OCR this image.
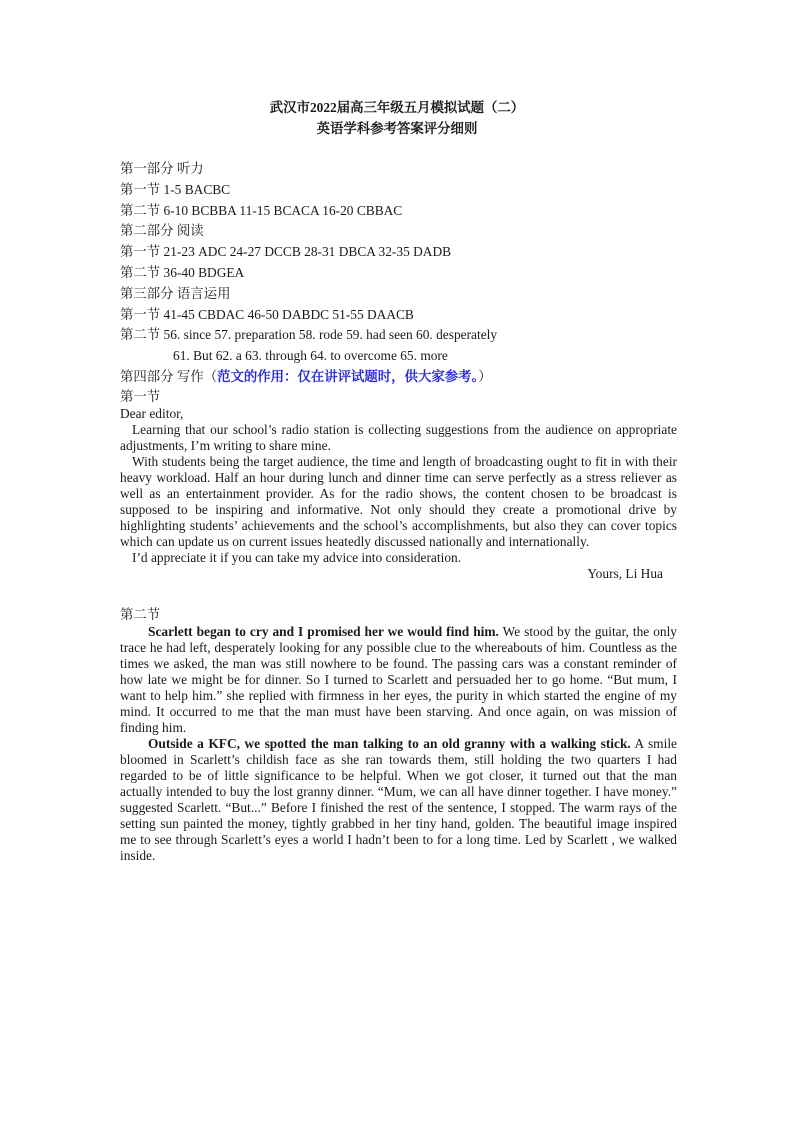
武汉市2022届高三年级五月模拟试题（二）
英语学科参考答案评分细则
第一部分 听力
第一节 1-5 BACBC
第二节 6-10 BCBBA 11-15 BCACA 16-20 CBBAC
第二部分 阅读
第一节 21-23 ADC 24-27 DCCB 28-31 DBCA 32-35 DADB
第二节 36-40 BDGEA
第三部分 语言运用
第一节 41-45 CBDAC 46-50 DABDC 51-55 DAACB
第二节 56. since 57. preparation 58. rode 59. had seen 60. desperately
61. But 62. a 63. through 64. to overcome 65. more
第四部分 写作（范文的作用：仅在讲评试题时，供大家参考。）
第一节
Dear editor,

Learning that our school’s radio station is collecting suggestions from the audience on appropriate adjustments, I’m writing to share mine.

With students being the target audience, the time and length of broadcasting ought to fit in with their heavy workload. Half an hour during lunch and dinner time can serve perfectly as a stress reliever as well as an entertainment provider. As for the radio shows, the content chosen to be broadcast is supposed to be inspiring and informative. Not only should they create a promotional drive by highlighting students’ achievements and the school’s accomplishments, but also they can cover topics which can update us on current issues heatedly discussed nationally and internationally.

I’d appreciate it if you can take my advice into consideration.

Yours, Li Hua
第二节

Scarlett began to cry and I promised her we would find him. We stood by the guitar, the only trace he had left, desperately looking for any possible clue to the whereabouts of him. Countless as the times we asked, the man was still nowhere to be found. The passing cars was a constant reminder of how late we might be for dinner. So I turned to Scarlett and persuaded her to go home. “But mum, I want to help him.” she replied with firmness in her eyes, the purity in which started the engine of my mind. It occurred to me that the man must have been starving. And once again, on was mission of finding him.

Outside a KFC, we spotted the man talking to an old granny with a walking stick. A smile bloomed in Scarlett’s childish face as she ran towards them, still holding the two quarters I had regarded to be of little significance to be helpful. When we got closer, it turned out that the man actually intended to buy the lost granny dinner. “Mum, we can all have dinner together. I have money.” suggested Scarlett. “But...” Before I finished the rest of the sentence, I stopped. The warm rays of the setting sun painted the money, tightly grabbed in her tiny hand, golden. The beautiful image inspired me to see through Scarlett’s eyes a world I hadn’t been to for a long time. Led by Scarlett , we walked inside.
